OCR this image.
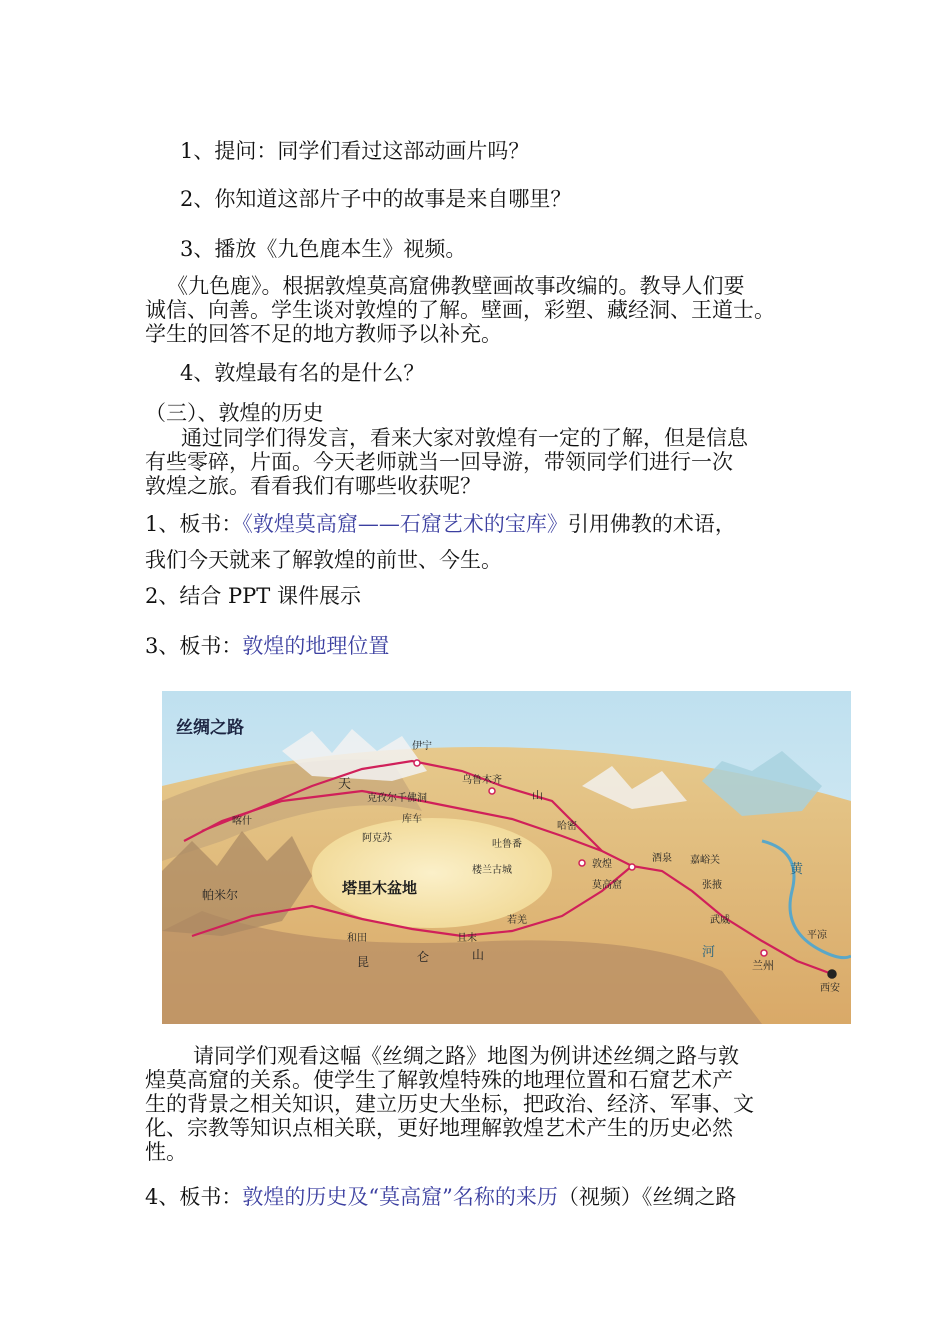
1、提问：同学们看过这部动画片吗？
2、你知道这部片子中的故事是来自哪里？
3、播放《九色鹿本生》视频。
《九色鹿》。根据敦煌莫高窟佛教壁画故事改编的。教导人们要
诚信、向善。学生谈对敦煌的了解。壁画，彩塑、藏经洞、王道士。
学生的回答不足的地方教师予以补充。
4、敦煌最有名的是什么？
（三）、敦煌的历史
通过同学们得发言，看来大家对敦煌有一定的了解，但是信息
有些零碎，片面。今天老师就当一回导游，带领同学们进行一次
敦煌之旅。看看我们有哪些收获呢？
1、板书：《敦煌莫高窟——石窟艺术的宝库》引用佛教的术语，
我们今天就来了解敦煌的前世、今生。
2、结合 PPT 课件展示
3、板书：敦煌的地理位置
丝绸之路
伊宁
喀什
克孜尔千佛洞
天	乌鲁木齐
山
库车
阿克苏
吐鲁番
哈密
帕米尔	塔里木盆地
楼兰古城
敦煌
莫高窟
酒泉 嘉峪关
张掖
武威
兰州
平凉
西安
和田	且末
若羌
昆	仑	山
黄
河
请同学们观看这幅《丝绸之路》地图为例讲述丝绸之路与敦
煌莫高窟的关系。使学生了解敦煌特殊的地理位置和石窟艺术产
生的背景之相关知识，建立历史大坐标，把政治、经济、军事、文
化、宗教等知识点相关联，更好地理解敦煌艺术产生的历史必然
性。
4、板书：敦煌的历史及“莫高窟”名称的来历（视频）《丝绸之路
